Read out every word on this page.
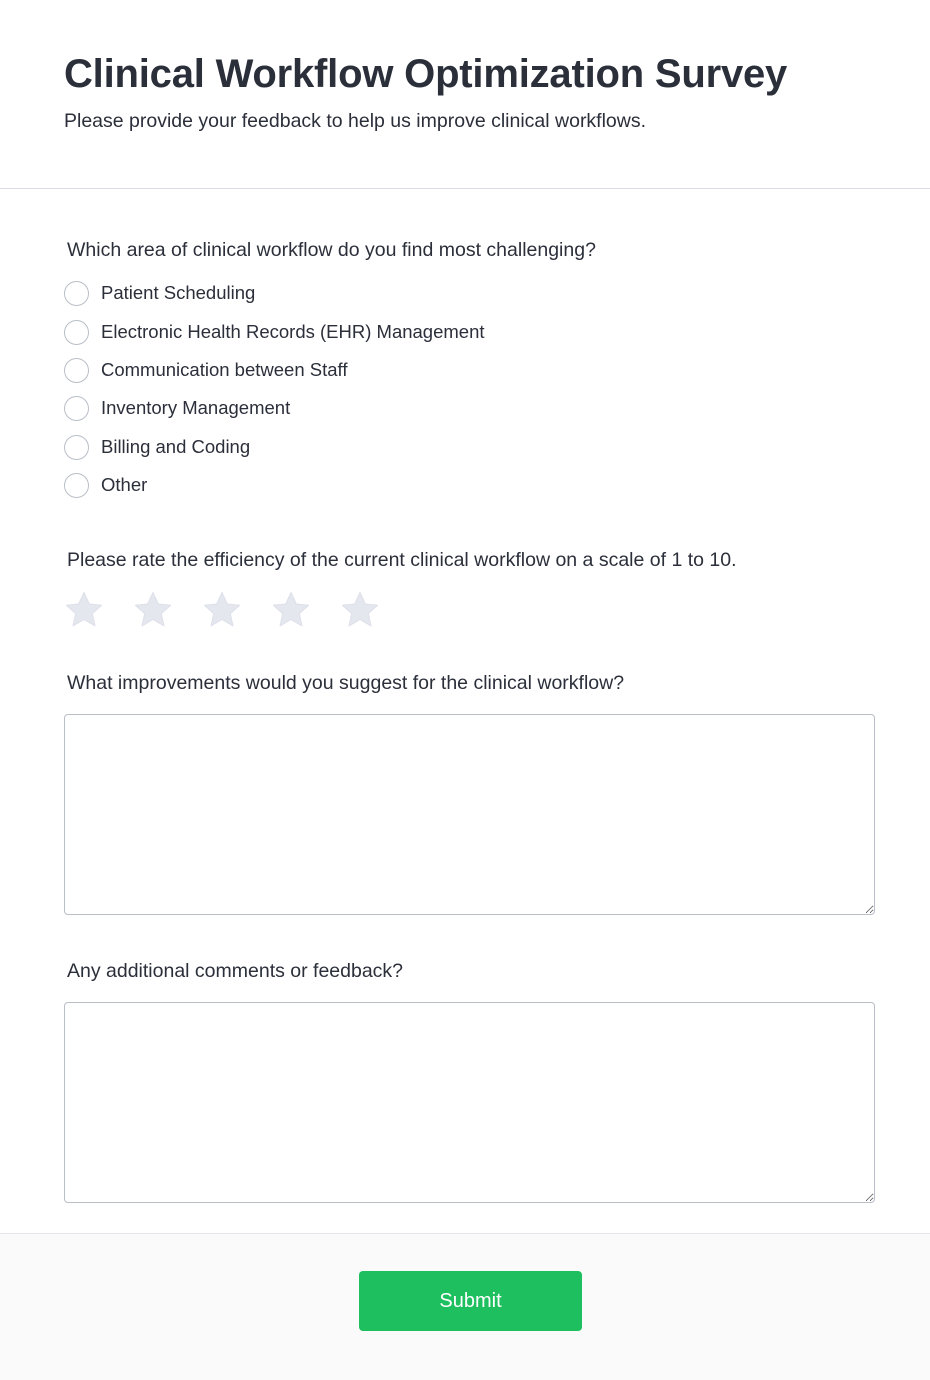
Clinical Workflow Optimization Survey

Please provide your feedback to help us improve clinical workflows.

Which area of clinical workflow do you find most challenging?
Patient Scheduling
Electronic Health Records (EHR) Management
Communication between Staff
Inventory Management
Billing and Coding
Other
Please rate the efficiency of the current clinical workflow on a scale of 1 to 10.
What improvements would you suggest for the clinical workflow?
Any additional comments or feedback?
Submit
